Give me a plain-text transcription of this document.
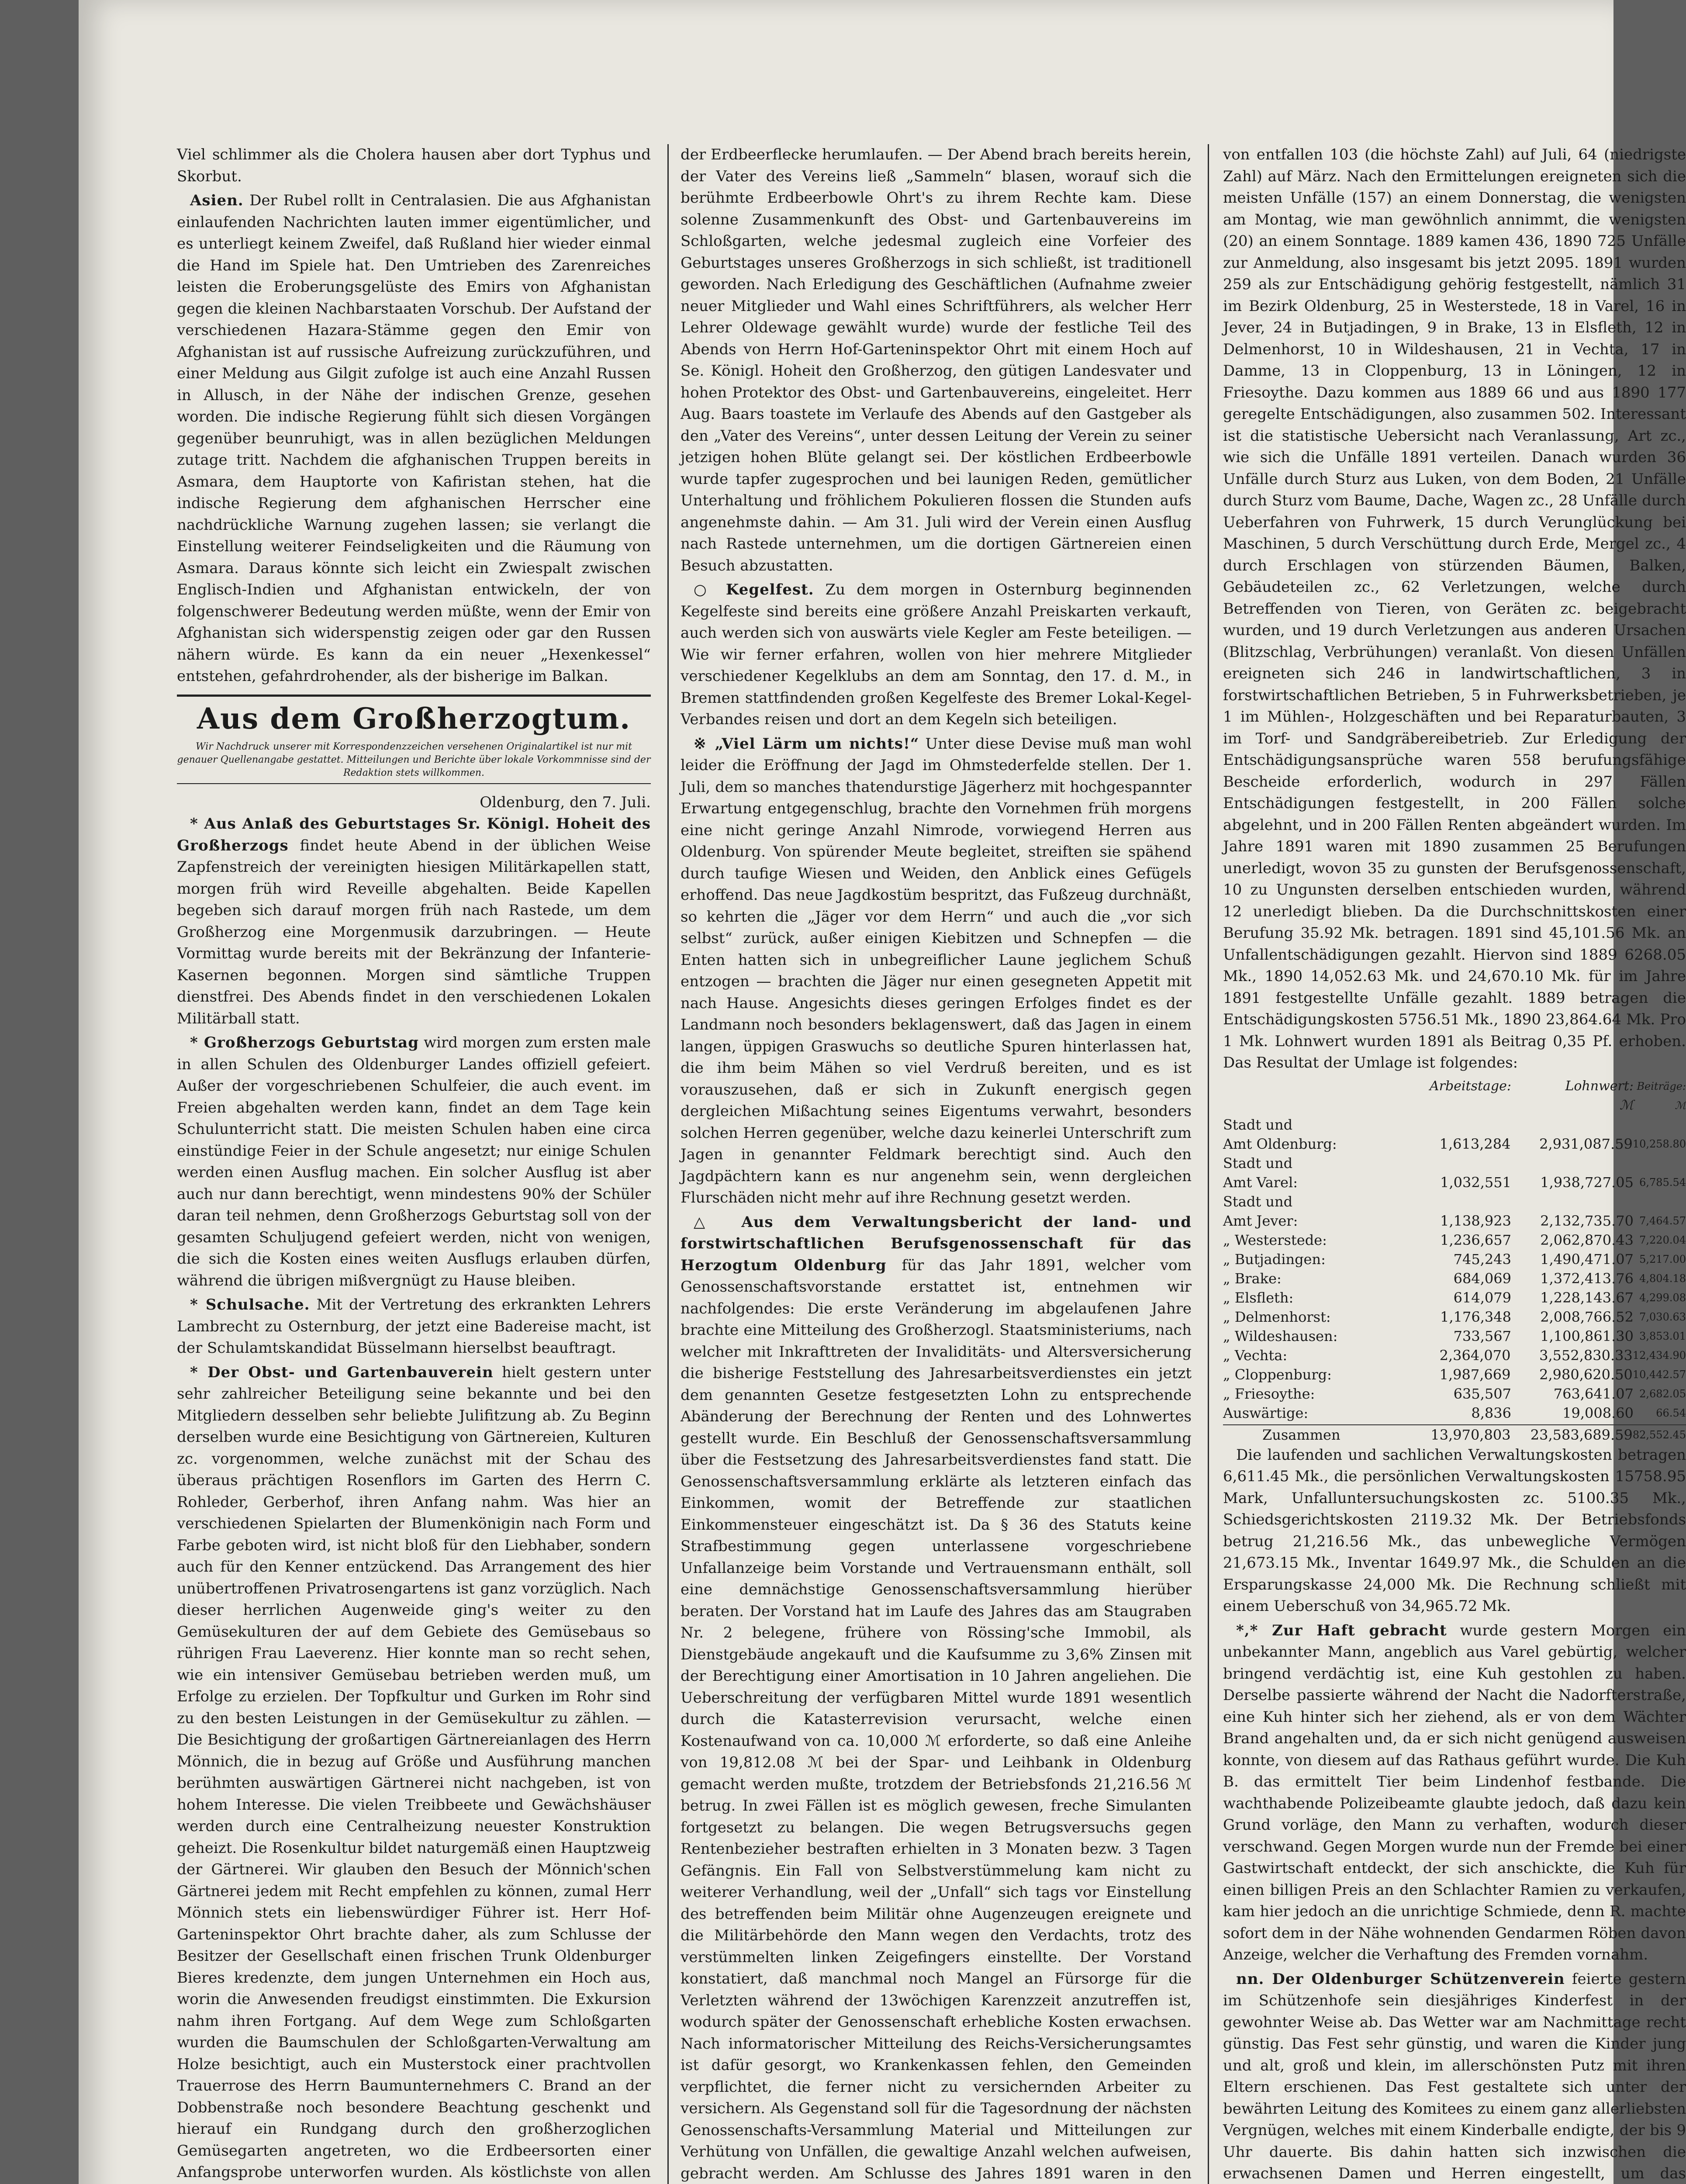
Viel schlimmer als die Cholera hausen aber dort Typhus und Skorbut.

Asien. Der Rubel rollt in Centralasien. Die aus Afghanistan einlaufenden Nachrichten lauten immer eigentümlicher, und es unterliegt keinem Zweifel, daß Rußland hier wieder einmal die Hand im Spiele hat. Den Umtrieben des Zarenreiches leisten die Eroberungsgelüste des Emirs von Afghanistan gegen die kleinen Nachbarstaaten Vorschub. Der Aufstand der verschiedenen Hazara-Stämme gegen den Emir von Afghanistan ist auf russische Aufreizung zurückzuführen, und einer Meldung aus Gilgit zufolge ist auch eine Anzahl Russen in Allusch, in der Nähe der indischen Grenze, gesehen worden. Die indische Regierung fühlt sich diesen Vorgängen gegenüber beunruhigt, was in allen bezüglichen Meldungen zutage tritt. Nachdem die afghanischen Truppen bereits in Asmara, dem Hauptorte von Kafiristan stehen, hat die indische Regierung dem afghanischen Herrscher eine nachdrückliche Warnung zugehen lassen; sie verlangt die Einstellung weiterer Feindseligkeiten und die Räumung von Asmara. Daraus könnte sich leicht ein Zwiespalt zwischen Englisch-Indien und Afghanistan entwickeln, der von folgenschwerer Bedeutung werden müßte, wenn der Emir von Afghanistan sich widerspenstig zeigen oder gar den Russen nähern würde. Es kann da ein neuer „Hexenkessel“ entstehen, gefahrdrohender, als der bisherige im Balkan.

Aus dem Großherzogtum.
Wir Nachdruck unserer mit Korrespondenzzeichen versehenen Originalartikel ist nur mit genauer Quellenangabe gestattet. Mitteilungen und Berichte über lokale Vorkommnisse sind der Redaktion stets willkommen.
Oldenburg, den 7. Juli.

* Aus Anlaß des Geburtstages Sr. Königl. Hoheit des Großherzogs findet heute Abend in der üblichen Weise Zapfenstreich der vereinigten hiesigen Militärkapellen statt, morgen früh wird Reveille abgehalten. Beide Kapellen begeben sich darauf morgen früh nach Rastede, um dem Großherzog eine Morgenmusik darzubringen. — Heute Vormittag wurde bereits mit der Bekränzung der Infanterie-Kasernen begonnen. Morgen sind sämtliche Truppen dienstfrei. Des Abends findet in den verschiedenen Lokalen Militärball statt.

* Großherzogs Geburtstag wird morgen zum ersten male in allen Schulen des Oldenburger Landes offiziell gefeiert. Außer der vorgeschriebenen Schulfeier, die auch event. im Freien abgehalten werden kann, findet an dem Tage kein Schulunterricht statt. Die meisten Schulen haben eine circa einstündige Feier in der Schule angesetzt; nur einige Schulen werden einen Ausflug machen. Ein solcher Ausflug ist aber auch nur dann berechtigt, wenn mindestens 90% der Schüler daran teil nehmen, denn Großherzogs Geburtstag soll von der gesamten Schuljugend gefeiert werden, nicht von wenigen, die sich die Kosten eines weiten Ausflugs erlauben dürfen, während die übrigen mißvergnügt zu Hause bleiben.

* Schulsache. Mit der Vertretung des erkrankten Lehrers Lambrecht zu Osternburg, der jetzt eine Badereise macht, ist der Schulamtskandidat Büsselmann hierselbst beauftragt.

* Der Obst- und Gartenbauverein hielt gestern unter sehr zahlreicher Beteiligung seine bekannte und bei den Mitgliedern desselben sehr beliebte Julifitzung ab. Zu Beginn derselben wurde eine Besichtigung von Gärtnereien, Kulturen zc. vorgenommen, welche zunächst mit der Schau des überaus prächtigen Rosenflors im Garten des Herrn C. Rohleder, Gerberhof, ihren Anfang nahm. Was hier an verschiedenen Spielarten der Blumenkönigin nach Form und Farbe geboten wird, ist nicht bloß für den Liebhaber, sondern auch für den Kenner entzückend. Das Arrangement des hier unübertroffenen Privatrosengartens ist ganz vorzüglich. Nach dieser herrlichen Augenweide ging's weiter zu den Gemüsekulturen der auf dem Gebiete des Gemüsebaus so rührigen Frau Laeverenz. Hier konnte man so recht sehen, wie ein intensiver Gemüsebau betrieben werden muß, um Erfolge zu erzielen. Der Topfkultur und Gurken im Rohr sind zu den besten Leistungen in der Gemüsekultur zu zählen. — Die Besichtigung der großartigen Gärtnereianlagen des Herrn Mönnich, die in bezug auf Größe und Ausführung manchen berühmten auswärtigen Gärtnerei nicht nachgeben, ist von hohem Interesse. Die vielen Treibbeete und Gewächshäuser werden durch eine Centralheizung neuester Konstruktion geheizt. Die Rosenkultur bildet naturgemäß einen Hauptzweig der Gärtnerei. Wir glauben den Besuch der Mönnich'schen Gärtnerei jedem mit Recht empfehlen zu können, zumal Herr Mönnich stets ein liebenswürdiger Führer ist. Herr Hof-Garteninspektor Ohrt brachte daher, als zum Schlusse der Besitzer der Gesellschaft einen frischen Trunk Oldenburger Bieres kredenzte, dem jungen Unternehmen ein Hoch aus, worin die Anwesenden freudigst einstimmten. Die Exkursion nahm ihren Fortgang. Auf dem Wege zum Schloßgarten wurden die Baumschulen der Schloßgarten-Verwaltung am Holze besichtigt, auch ein Musterstock einer prachtvollen Trauerrose des Herrn Baumunternehmers C. Brand an der Dobbenstraße noch besondere Beachtung geschenkt und hierauf ein Rundgang durch den großherzoglichen Gemüsegarten angetreten, wo die Erdbeersorten einer Anfangsprobe unterworfen wurden. Als köstlichste von allen

der Erdbeerflecke herumlaufen. — Der Abend brach bereits herein, der Vater des Vereins ließ „Sammeln“ blasen, worauf sich die berühmte Erdbeerbowle Ohrt's zu ihrem Rechte kam. Diese solenne Zusammenkunft des Obst- und Gartenbauvereins im Schloßgarten, welche jedesmal zugleich eine Vorfeier des Geburtstages unseres Großherzogs in sich schließt, ist traditionell geworden. Nach Erledigung des Geschäftlichen (Aufnahme zweier neuer Mitglieder und Wahl eines Schriftführers, als welcher Herr Lehrer Oldewage gewählt wurde) wurde der festliche Teil des Abends von Herrn Hof-Garteninspektor Ohrt mit einem Hoch auf Se. Königl. Hoheit den Großherzog, den gütigen Landesvater und hohen Protektor des Obst- und Gartenbauvereins, eingeleitet. Herr Aug. Baars toastete im Verlaufe des Abends auf den Gastgeber als den „Vater des Vereins“, unter dessen Leitung der Verein zu seiner jetzigen hohen Blüte gelangt sei. Der köstlichen Erdbeerbowle wurde tapfer zugesprochen und bei launigen Reden, gemütlicher Unterhaltung und fröhlichem Pokulieren flossen die Stunden aufs angenehmste dahin. — Am 31. Juli wird der Verein einen Ausflug nach Rastede unternehmen, um die dortigen Gärtnereien einen Besuch abzustatten.

○ Kegelfest. Zu dem morgen in Osternburg beginnenden Kegelfeste sind bereits eine größere Anzahl Preiskarten verkauft, auch werden sich von auswärts viele Kegler am Feste beteiligen. — Wie wir ferner erfahren, wollen von hier mehrere Mitglieder verschiedener Kegelklubs an dem am Sonntag, den 17. d. M., in Bremen stattfindenden großen Kegelfeste des Bremer Lokal-Kegel-Verbandes reisen und dort an dem Kegeln sich beteiligen.

※ „Viel Lärm um nichts!“ Unter diese Devise muß man wohl leider die Eröffnung der Jagd im Ohmstederfelde stellen. Der 1. Juli, dem so manches thatendurstige Jägerherz mit hochgespannter Erwartung entgegenschlug, brachte den Vornehmen früh morgens eine nicht geringe Anzahl Nimrode, vorwiegend Herren aus Oldenburg. Von spürender Meute begleitet, streiften sie spähend durch taufige Wiesen und Weiden, den Anblick eines Gefügels erhoffend. Das neue Jagdkostüm bespritzt, das Fußzeug durchnäßt, so kehrten die „Jäger vor dem Herrn“ und auch die „vor sich selbst“ zurück, außer einigen Kiebitzen und Schnepfen — die Enten hatten sich in unbegreiflicher Laune jeglichem Schuß entzogen — brachten die Jäger nur einen gesegneten Appetit mit nach Hause. Angesichts dieses geringen Erfolges findet es der Landmann noch besonders beklagenswert, daß das Jagen in einem langen, üppigen Graswuchs so deutliche Spuren hinterlassen hat, die ihm beim Mähen so viel Verdruß bereiten, und es ist vorauszusehen, daß er sich in Zukunft energisch gegen dergleichen Mißachtung seines Eigentums verwahrt, besonders solchen Herren gegenüber, welche dazu keinerlei Unterschrift zum Jagen in genannter Feldmark berechtigt sind. Auch den Jagdpächtern kann es nur angenehm sein, wenn dergleichen Flurschäden nicht mehr auf ihre Rechnung gesetzt werden.

△ Aus dem Verwaltungsbericht der land- und forstwirtschaftlichen Berufsgenossenschaft für das Herzogtum Oldenburg für das Jahr 1891, welcher vom Genossenschaftsvorstande erstattet ist, entnehmen wir nachfolgendes: Die erste Veränderung im abgelaufenen Jahre brachte eine Mitteilung des Großherzogl. Staatsministeriums, nach welcher mit Inkrafttreten der Invaliditäts- und Altersversicherung die bisherige Feststellung des Jahresarbeitsverdienstes ein jetzt dem genannten Gesetze festgesetzten Lohn zu entsprechende Abänderung der Berechnung der Renten und des Lohnwertes gestellt wurde. Ein Beschluß der Genossenschaftsversammlung über die Festsetzung des Jahresarbeitsverdienstes fand statt. Die Genossenschaftsversammlung erklärte als letzteren einfach das Einkommen, womit der Betreffende zur staatlichen Einkommensteuer eingeschätzt ist. Da § 36 des Statuts keine Strafbestimmung gegen unterlassene vorgeschriebene Unfallanzeige beim Vorstande und Vertrauensmann enthält, soll eine demnächstige Genossenschaftsversammlung hierüber beraten. Der Vorstand hat im Laufe des Jahres das am Staugraben Nr. 2 belegene, frühere von Rössing'sche Immobil, als Dienstgebäude angekauft und die Kaufsumme zu 3,6% Zinsen mit der Berechtigung einer Amortisation in 10 Jahren angeliehen. Die Ueberschreitung der verfügbaren Mittel wurde 1891 wesentlich durch die Katasterrevision verursacht, welche einen Kostenaufwand von ca. 10,000 ℳ erforderte, so daß eine Anleihe von 19,812.08 ℳ bei der Spar- und Leihbank in Oldenburg gemacht werden mußte, trotzdem der Betriebsfonds 21,216.56 ℳ betrug. In zwei Fällen ist es möglich gewesen, freche Simulanten fortgesetzt zu belangen. Die wegen Betrugsversuchs gegen Rentenbezieher bestraften erhielten in 3 Monaten bezw. 3 Tagen Gefängnis. Ein Fall von Selbstverstümmelung kam nicht zu weiterer Verhandlung, weil der „Unfall“ sich tags vor Einstellung des betreffenden beim Militär ohne Augenzeugen ereignete und die Militärbehörde den Mann wegen den Verdachts, trotz des verstümmelten linken Zeigefingers einstellte. Der Vorstand konstatiert, daß manchmal noch Mangel an Fürsorge für die Verletzten während der 13wöchigen Karenzzeit anzutreffen ist, wodurch später der Genossenschaft erhebliche Kosten erwachsen. Nach informatorischer Mitteilung des Reichs-Versicherungsamtes ist dafür gesorgt, wo Krankenkassen fehlen, den Gemeinden verpflichtet, die ferner nicht zu versichernden Arbeiter zu versichern. Als Gegenstand soll für die Tagesordnung der nächsten Genossenschafts-Versammlung Material und Mitteilungen zur Verhütung von Unfällen, die gewaltige Anzahl welchen aufweisen, gebracht werden. Am Schlusse des Jahres 1891 waren in den

von entfallen 103 (die höchste Zahl) auf Juli, 64 (niedrigste Zahl) auf März. Nach den Ermittelungen ereigneten sich die meisten Unfälle (157) an einem Donnerstag, die wenigsten am Montag, wie man gewöhnlich annimmt, die wenigsten (20) an einem Sonntage. 1889 kamen 436, 1890 725 Unfälle zur Anmeldung, also insgesamt bis jetzt 2095. 1891 wurden 259 als zur Entschädigung gehörig festgestellt, nämlich 31 im Bezirk Oldenburg, 25 in Westerstede, 18 in Varel, 16 in Jever, 24 in Butjadingen, 9 in Brake, 13 in Elsfleth, 12 in Delmenhorst, 10 in Wildeshausen, 21 in Vechta, 17 in Damme, 13 in Cloppenburg, 13 in Löningen, 12 in Friesoythe. Dazu kommen aus 1889 66 und aus 1890 177 geregelte Entschädigungen, also zusammen 502. Interessant ist die statistische Uebersicht nach Veranlassung, Art zc., wie sich die Unfälle 1891 verteilen. Danach wurden 36 Unfälle durch Sturz aus Luken, von dem Boden, 21 Unfälle durch Sturz vom Baume, Dache, Wagen zc., 28 Unfälle durch Ueberfahren von Fuhrwerk, 15 durch Verunglückung bei Maschinen, 5 durch Verschüttung durch Erde, Mergel zc., 4 durch Erschlagen von stürzenden Bäumen, Balken, Gebäudeteilen zc., 62 Verletzungen, welche durch Betreffenden von Tieren, von Geräten zc. beigebracht wurden, und 19 durch Verletzungen aus anderen Ursachen (Blitzschlag, Verbrühungen) veranlaßt. Von diesen Unfällen ereigneten sich 246 in landwirtschaftlichen, 3 in forstwirtschaftlichen Betrieben, 5 in Fuhrwerksbetrieben, je 1 im Mühlen-, Holzgeschäften und bei Reparaturbauten, 3 im Torf- und Sandgräbereibetrieb. Zur Erledigung der Entschädigungsansprüche waren 558 berufungsfähige Bescheide erforderlich, wodurch in 297 Fällen Entschädigungen festgestellt, in 200 Fällen solche abgelehnt, und in 200 Fällen Renten abgeändert wurden. Im Jahre 1891 waren mit 1890 zusammen 25 Berufungen unerledigt, wovon 35 zu gunsten der Berufsgenossenschaft, 10 zu Ungunsten derselben entschieden wurden, während 12 unerledigt blieben. Da die Durchschnittskosten einer Berufung 35.92 Mk. betragen. 1891 sind 45,101.56 Mk. an Unfallentschädigungen gezahlt. Hiervon sind 1889 6268.05 Mk., 1890 14,052.63 Mk. und 24,670.10 Mk. für im Jahre 1891 festgestellte Unfälle gezahlt. 1889 betragen die Entschädigungskosten 5756.51 Mk., 1890 23,864.64 Mk. Pro 1 Mk. Lohnwert wurden 1891 als Beitrag 0,35 Pf. erhoben. Das Resultat der Umlage ist folgendes:

Arbeitstage:	Lohnwert: Beiträge:
ℳ	ℳ
Stadt und
Amt Oldenburg:	1,613,284	2,931,087.59 10,258.80
Stadt und
Amt Varel:	1,032,551	1,938,727.05 6,785.54
Stadt und
Amt Jever:	1,138,923	2,132,735.70 7,464.57
„ Westerstede:	1,236,657	2,062,870.43 7,220.04
„ Butjadingen:	745,243	1,490,471.07 5,217.00
„ Brake:	684,069	1,372,413.76 4,804.18
„ Elsfleth:	614,079	1,228,143.67 4,299.08
„ Delmenhorst:	1,176,348	2,008,766.52 7,030.63
„ Wildeshausen:	733,567	1,100,861.30 3,853.01
„ Vechta:	2,364,070	3,552,830.33 12,434.90
„ Cloppenburg:	1,987,669	2,980,620.50 10,442.57
„ Friesoythe:	635,507	763,641.07 2,682.05
Auswärtige:	8,836	19,008.60	66.54
Zusammen	13,970,803	23,583,689.59 82,552.45

Die laufenden und sachlichen Verwaltungskosten betragen 6,611.45 Mk., die persönlichen Verwaltungskosten 15758.95 Mark, Unfalluntersuchungskosten zc. 5100.35 Mk., Schiedsgerichtskosten 2119.32 Mk. Der Betriebsfonds betrug 21,216.56 Mk., das unbewegliche Vermögen 21,673.15 Mk., Inventar 1649.97 Mk., die Schulden an die Ersparungskasse 24,000 Mk. Die Rechnung schließt mit einem Ueberschuß von 34,965.72 Mk.

*‚* Zur Haft gebracht wurde gestern Morgen ein unbekannter Mann, angeblich aus Varel gebürtig, welcher bringend verdächtig ist, eine Kuh gestohlen zu haben. Derselbe passierte während der Nacht die Nadorfterstraße, eine Kuh hinter sich her ziehend, als er von dem Wächter Brand angehalten und, da er sich nicht genügend ausweisen konnte, von diesem auf das Rathaus geführt wurde. Die Kuh B. das ermittelt Tier beim Lindenhof festbande. Die wachthabende Polizeibeamte glaubte jedoch, daß dazu kein Grund vorläge, den Mann zu verhaften, wodurch dieser verschwand. Gegen Morgen wurde nun der Fremde bei einer Gastwirtschaft entdeckt, der sich anschickte, die Kuh für einen billigen Preis an den Schlachter Ramien zu verkaufen, kam hier jedoch an die unrichtige Schmiede, denn R. machte sofort dem in der Nähe wohnenden Gendarmen Röben davon Anzeige, welcher die Verhaftung des Fremden vornahm.

nn. Der Oldenburger Schützenverein feierte gestern im Schützenhofe sein diesjähriges Kinderfest in der gewohnter Weise ab. Das Wetter war am Nachmittage recht günstig. Das Fest sehr günstig, und waren die Kinder jung und alt, groß und klein, im allerschönsten Putz mit ihren Eltern erschienen. Das Fest gestaltete sich unter der bewährten Leitung des Komitees zu einem ganz allerliebsten Vergnügen, welches mit einem Kinderballe endigte, der bis 9 Uhr dauerte. Bis dahin hatten sich inzwischen die erwachsenen Damen und Herren eingestellt, um das
